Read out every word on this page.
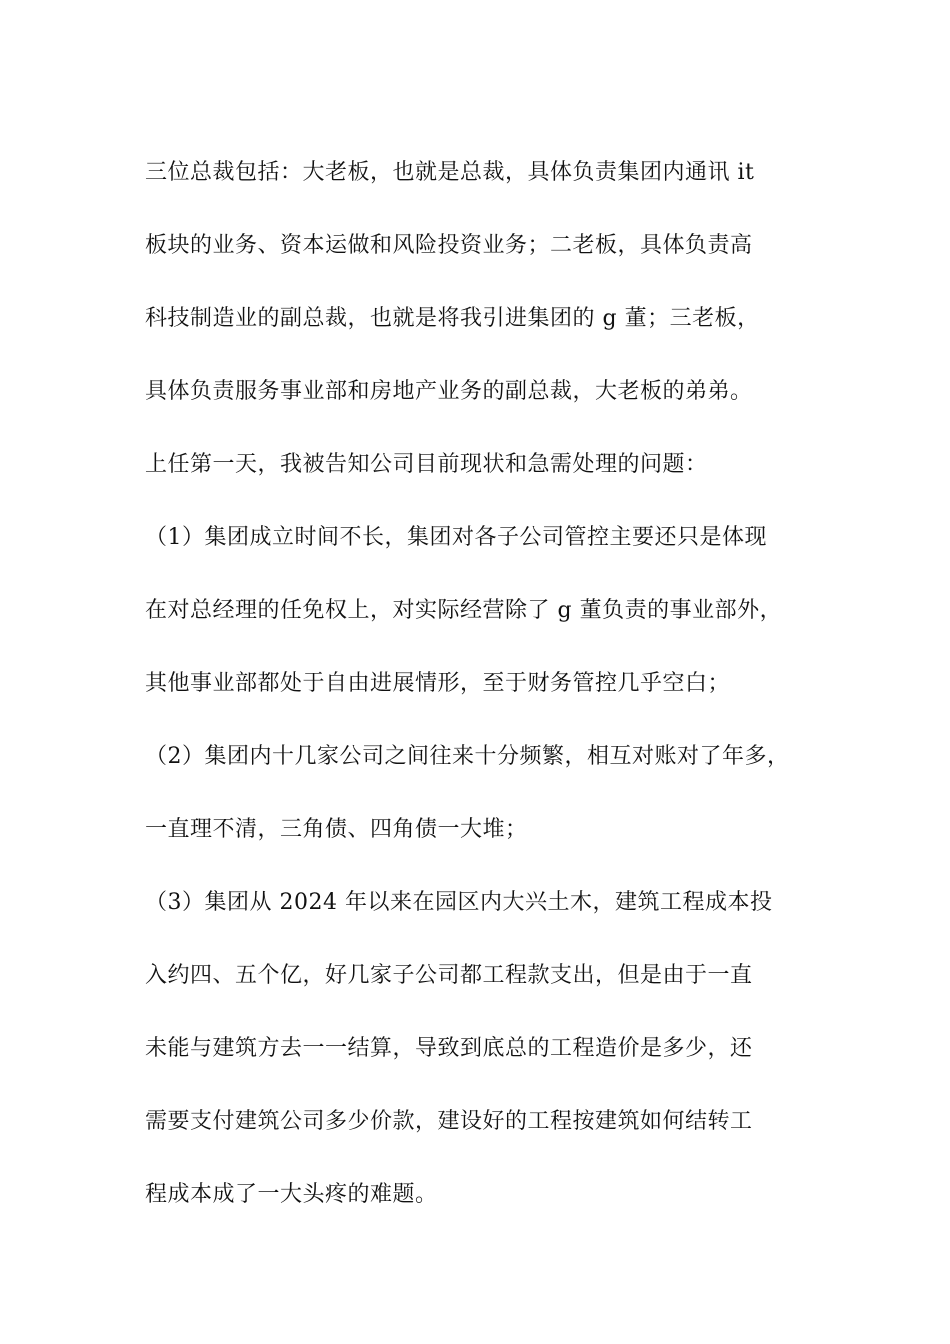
三位总裁包括：大老板，也就是总裁，具体负责集团内通讯 it
板块的业务、资本运做和风险投资业务；二老板，具体负责高
科技制造业的副总裁，也就是将我引进集团的 g 董；三老板，
具体负责服务事业部和房地产业务的副总裁，大老板的弟弟。
上任第一天，我被告知公司目前现状和急需处理的问题：
（1）集团成立时间不长，集团对各子公司管控主要还只是体现
在对总经理的任免权上，对实际经营除了 g 董负责的事业部外，
其他事业部都处于自由进展情形，至于财务管控几乎空白；
（2）集团内十几家公司之间往来十分频繁，相互对账对了年多，
一直理不清，三角债、四角债一大堆；
（3）集团从 2024 年以来在园区内大兴土木，建筑工程成本投
入约四、五个亿，好几家子公司都工程款支出，但是由于一直
未能与建筑方去一一结算，导致到底总的工程造价是多少，还
需要支付建筑公司多少价款，建设好的工程按建筑如何结转工
程成本成了一大头疼的难题。
